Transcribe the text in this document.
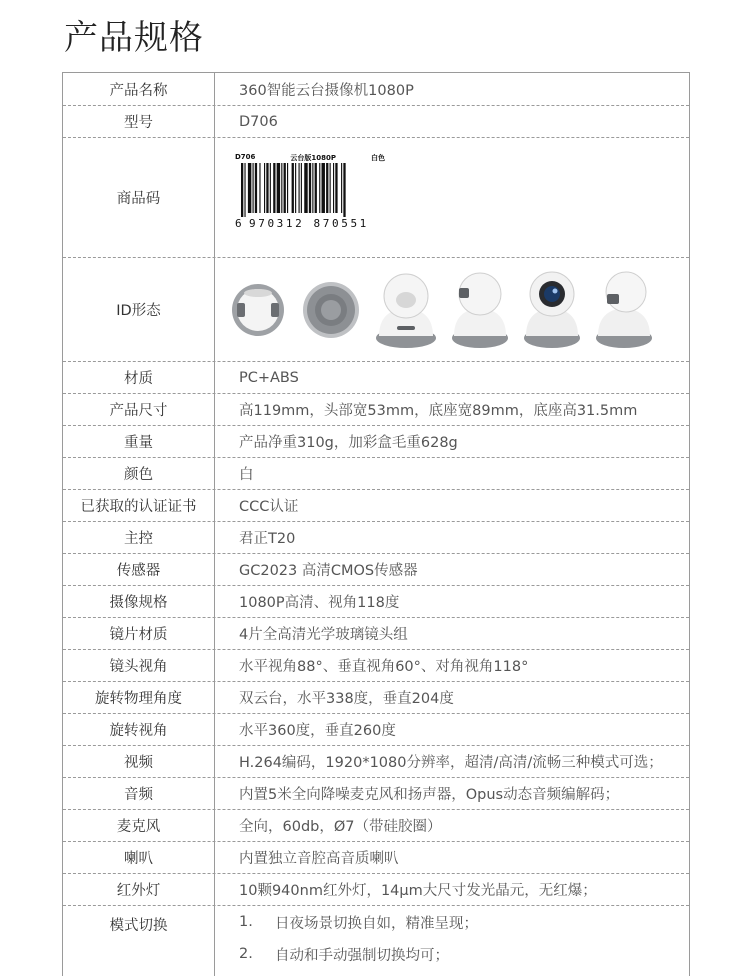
产品规格
产品名称	360智能云台摄像机1080P
型号	D706
商品码
D706	云台版1080P	白色
6 970312 870551
ID形态
材质	PC+ABS
产品尺寸	高119mm，头部宽53mm，底座宽89mm，底座高31.5mm
重量	产品净重310g，加彩盒毛重628g
颜色	白
已获取的认证证书	CCC认证
主控	君正T20
传感器	GC2023 高清CMOS传感器
摄像规格	1080P高清、视角118度
镜片材质	4片全高清光学玻璃镜头组
镜头视角	水平视角88°、垂直视角60°、对角视角118°
旋转物理角度	双云台，水平338度，垂直204度
旋转视角	水平360度，垂直260度
视频	H.264编码，1920*1080分辨率，超清/高清/流畅三种模式可选；
音频	内置5米全向降噪麦克风和扬声器，Opus动态音频编解码；
麦克风	全向，60db，Ø7（带硅胶圈）
喇叭	内置独立音腔高音质喇叭
红外灯	10颗940nm红外灯，14μm大尺寸发光晶元，无红爆；
模式切换	1.	日夜场景切换自如，精准呈现；
2.	自动和手动强制切换均可；
